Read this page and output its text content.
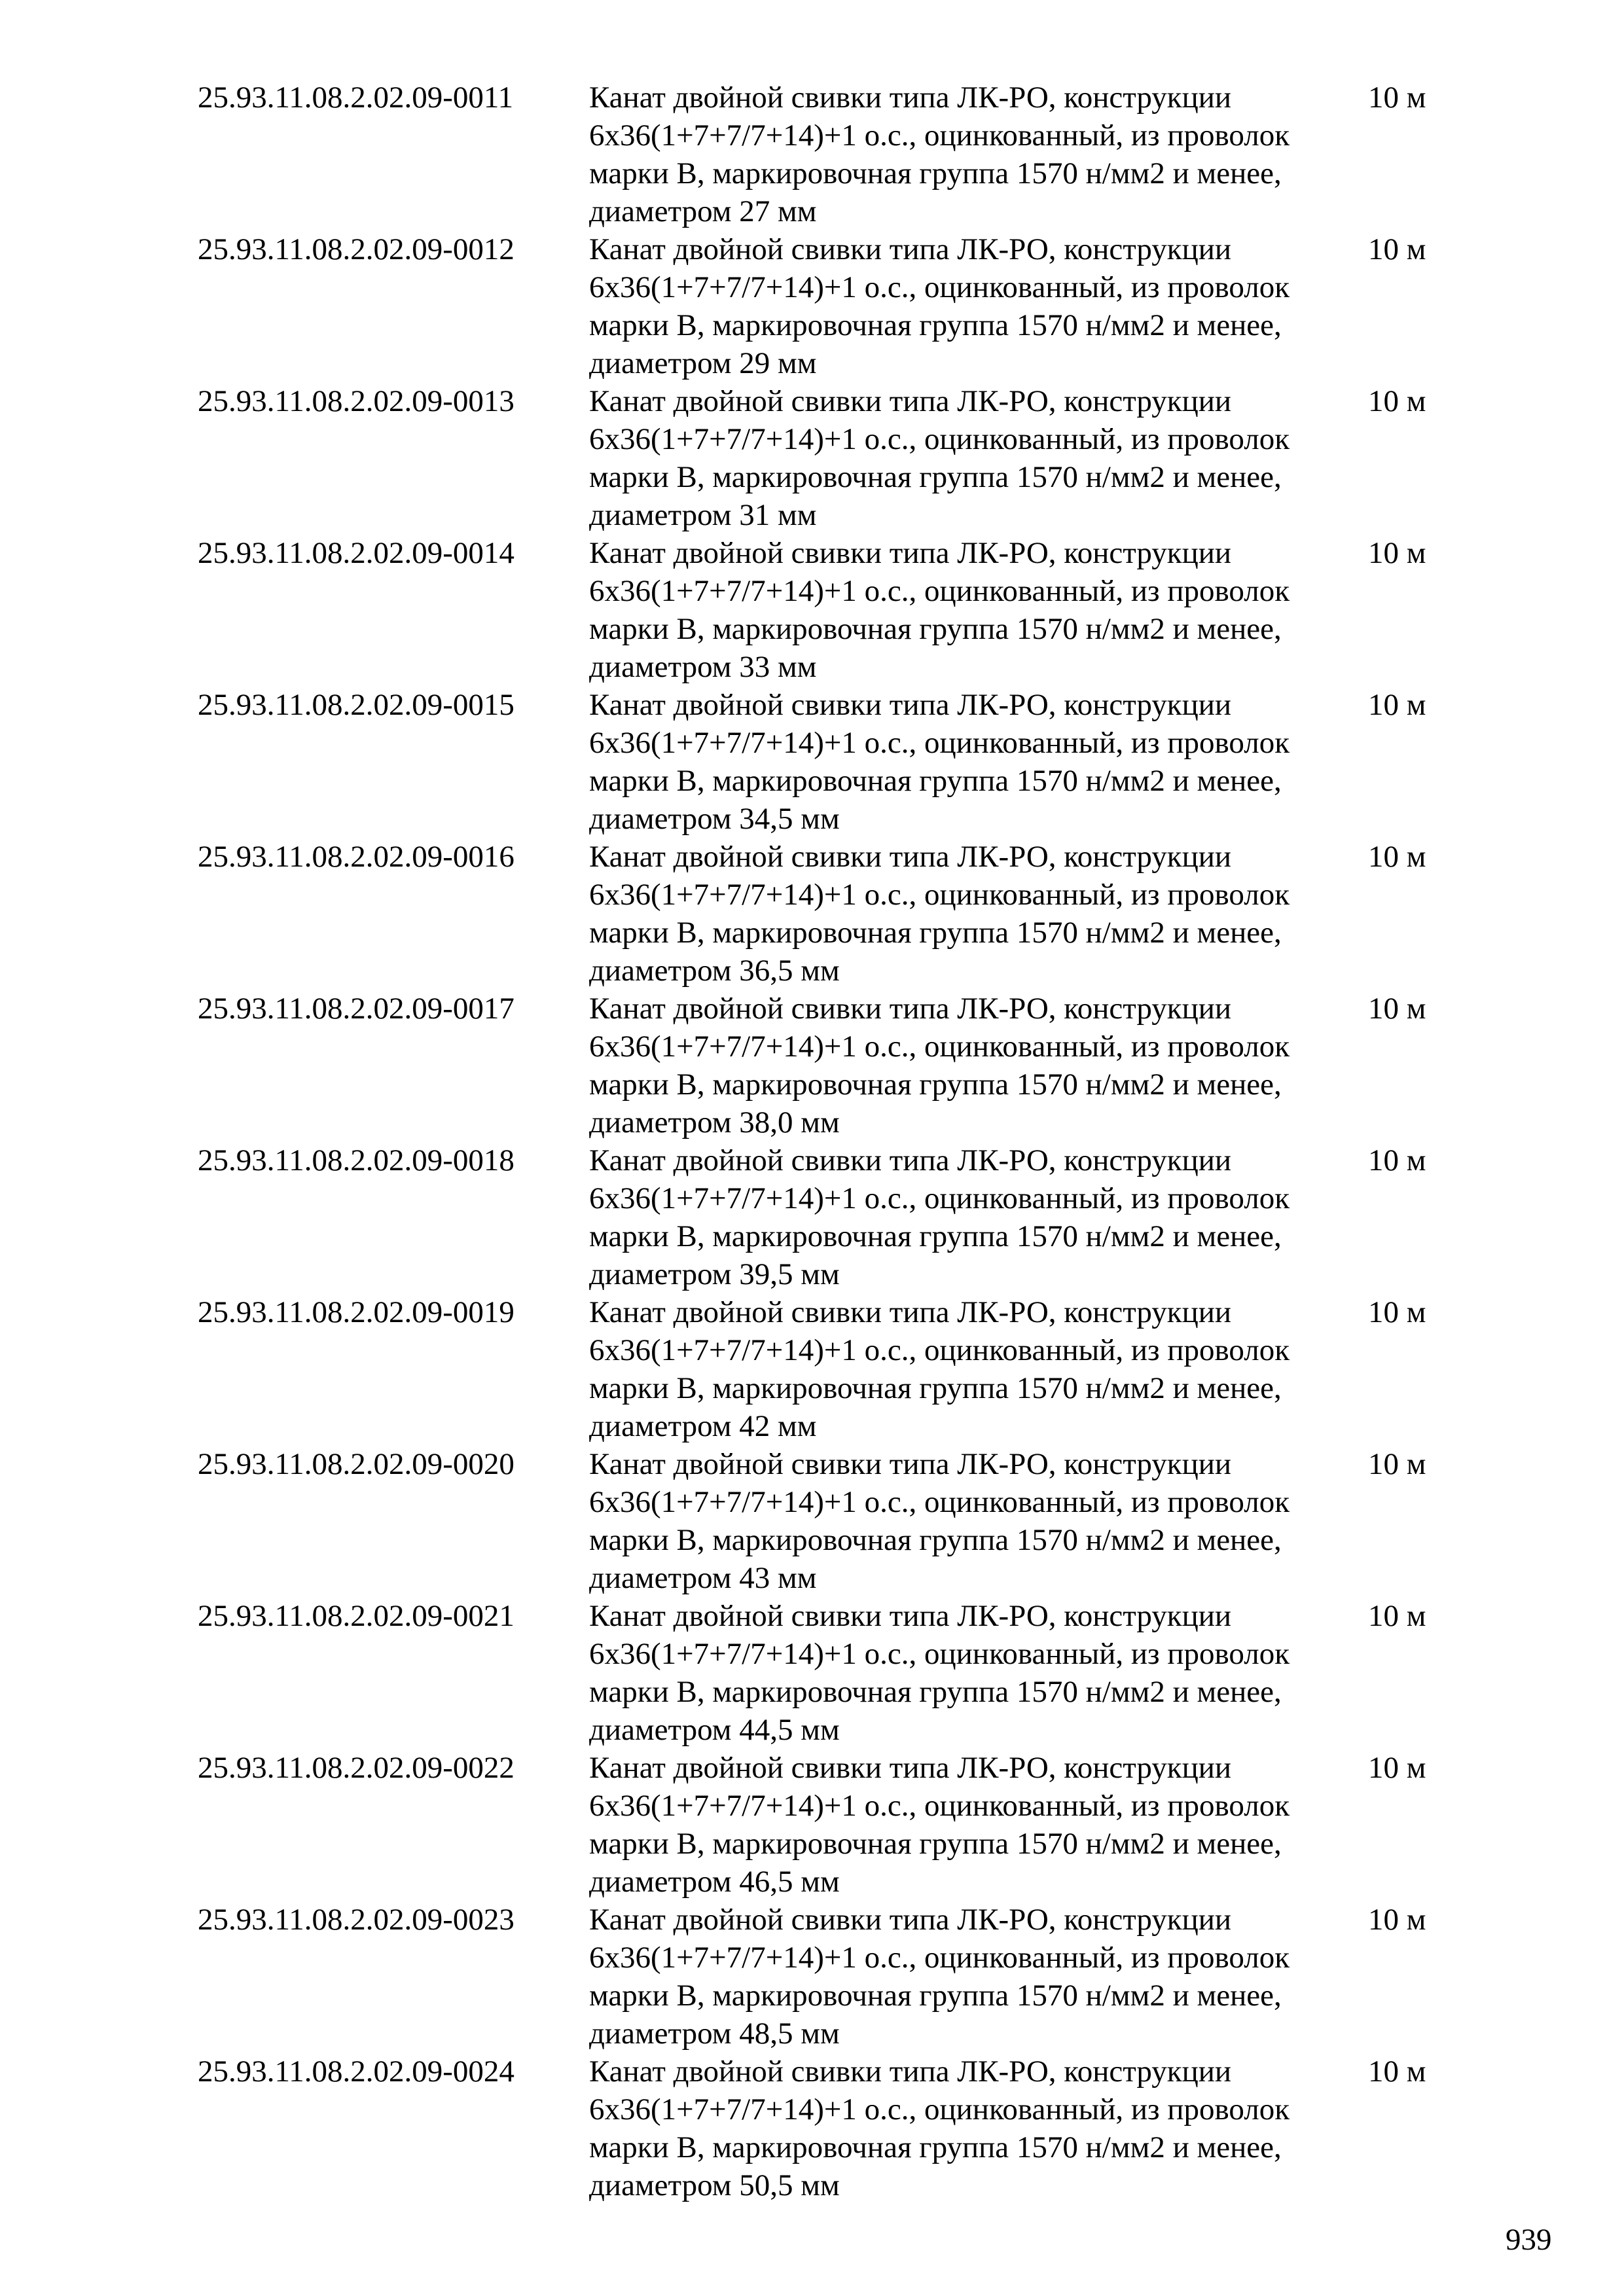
25.93.11.08.2.02.09-0011 Канат двойной свивки типа ЛК-РО, конструкции
6х36(1+7+7/7+14)+1 о.с., оцинкованный, из проволок
марки В, маркировочная группа 1570 н/мм2 и менее,
диаметром 27 мм
10 м
25.93.11.08.2.02.09-0012 Канат двойной свивки типа ЛК-РО, конструкции
6х36(1+7+7/7+14)+1 о.с., оцинкованный, из проволок
марки В, маркировочная группа 1570 н/мм2 и менее,
диаметром 29 мм
10 м
25.93.11.08.2.02.09-0013 Канат двойной свивки типа ЛК-РО, конструкции
6х36(1+7+7/7+14)+1 о.с., оцинкованный, из проволок
марки В, маркировочная группа 1570 н/мм2 и менее,
диаметром 31 мм
10 м
25.93.11.08.2.02.09-0014 Канат двойной свивки типа ЛК-РО, конструкции
6х36(1+7+7/7+14)+1 о.с., оцинкованный, из проволок
марки В, маркировочная группа 1570 н/мм2 и менее,
диаметром 33 мм
10 м
25.93.11.08.2.02.09-0015 Канат двойной свивки типа ЛК-РО, конструкции
6х36(1+7+7/7+14)+1 о.с., оцинкованный, из проволок
марки В, маркировочная группа 1570 н/мм2 и менее,
диаметром 34,5 мм
10 м
25.93.11.08.2.02.09-0016 Канат двойной свивки типа ЛК-РО, конструкции
6х36(1+7+7/7+14)+1 о.с., оцинкованный, из проволок
марки В, маркировочная группа 1570 н/мм2 и менее,
диаметром 36,5 мм
10 м
25.93.11.08.2.02.09-0017 Канат двойной свивки типа ЛК-РО, конструкции
6х36(1+7+7/7+14)+1 о.с., оцинкованный, из проволок
марки В, маркировочная группа 1570 н/мм2 и менее,
диаметром 38,0 мм
10 м
25.93.11.08.2.02.09-0018 Канат двойной свивки типа ЛК-РО, конструкции
6х36(1+7+7/7+14)+1 о.с., оцинкованный, из проволок
марки В, маркировочная группа 1570 н/мм2 и менее,
диаметром 39,5 мм
10 м
25.93.11.08.2.02.09-0019 Канат двойной свивки типа ЛК-РО, конструкции
6х36(1+7+7/7+14)+1 о.с., оцинкованный, из проволок
марки В, маркировочная группа 1570 н/мм2 и менее,
диаметром 42 мм
10 м
25.93.11.08.2.02.09-0020 Канат двойной свивки типа ЛК-РО, конструкции
6х36(1+7+7/7+14)+1 о.с., оцинкованный, из проволок
марки В, маркировочная группа 1570 н/мм2 и менее,
диаметром 43 мм
10 м
25.93.11.08.2.02.09-0021 Канат двойной свивки типа ЛК-РО, конструкции
6х36(1+7+7/7+14)+1 о.с., оцинкованный, из проволок
марки В, маркировочная группа 1570 н/мм2 и менее,
диаметром 44,5 мм
10 м
25.93.11.08.2.02.09-0022 Канат двойной свивки типа ЛК-РО, конструкции
6х36(1+7+7/7+14)+1 о.с., оцинкованный, из проволок
марки В, маркировочная группа 1570 н/мм2 и менее,
диаметром 46,5 мм
10 м
25.93.11.08.2.02.09-0023 Канат двойной свивки типа ЛК-РО, конструкции
6х36(1+7+7/7+14)+1 о.с., оцинкованный, из проволок
марки В, маркировочная группа 1570 н/мм2 и менее,
диаметром 48,5 мм
10 м
25.93.11.08.2.02.09-0024 Канат двойной свивки типа ЛК-РО, конструкции
6х36(1+7+7/7+14)+1 о.с., оцинкованный, из проволок
марки В, маркировочная группа 1570 н/мм2 и менее,
диаметром 50,5 мм
10 м
939
